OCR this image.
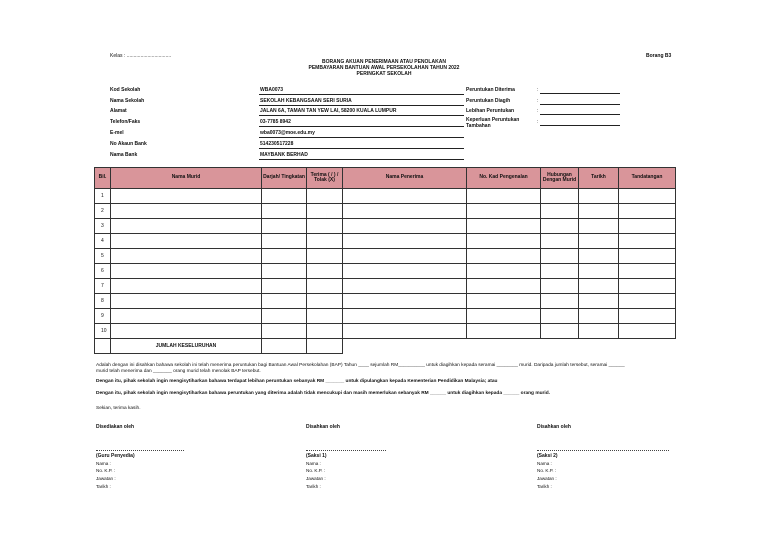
Kelas : ................................	Borang B3
BORANG AKUAN PENERIMAAN ATAU PENOLAKAN
PEMBAYARAN BANTUAN AWAL PERSEKOLAHAN TAHUN 2022
PERINGKAT SEKOLAH
Kod Sekolah	WBA0073
Nama Sekolah	SEKOLAH KEBANGSAAN SERI SURIA
Alamat	JALAN 6A, TAMAN TAN YEW LAI, 58200 KUALA LUMPUR
Telefon/Faks	03-7785 8942
E-mel	wba0073@moe.edu.my
No Akaun Bank	514230517228
Nama Bank	MAYBANK BERHAD
Peruntukan Diterima	:
Peruntukan Diagih	:
Lebihan Peruntukan	:
Keperluan Peruntukan Tambahan
:
Bil.	Nama Murid	Darjah/ Tingkatan	Terima ( / ) / Tolak (X)	Nama Penerima	No. Kad Pengenalan	Hubungan Dengan Murid	Tarikh	Tandatangan
1								
2								
3								
4								
5								
6								
7								
8								
9								
10								
	JUMLAH KESELURUHAN							
Adalah dengan ini disahkan bahawa sekolah ini telah menerima peruntukan bagi Bantuan Awal Persekolahan (BAP) Tahun ____ sejumlah RM__________ untuk diagihkan kepada seramai ________ murid. Daripada jumlah tersebut, seramai ______
murid telah menerima dan _______ orang murid telah menolak BAP tersebut.
Dengan itu, pihak sekolah ingin mengisytiharkan bahawa terdapat lebihan peruntukan sebanyak RM _______ untuk dipulangkan kepada Kementerian Pendidikan Malaysia; atau
Dengan itu, pihak sekolah ingin mengisytiharkan bahawa peruntukan yang diterima adalah tidak mencukupi dan masih memerlukan sebanyak RM ______ untuk diagihkan kepada ______ orang murid.
Sekian, terima kasih.
Disediakan oleh
(Guru Penyedia)
Nama :
No. K.P. :
Jawatan :
Tarikh :
Disahkan oleh
(Saksi 1)
Nama :
No. K.P. :
Jawatan :
Tarikh :
Disahkan oleh
(Saksi 2)
Nama :
No. K.P. :
Jawatan :
Tarikh :
